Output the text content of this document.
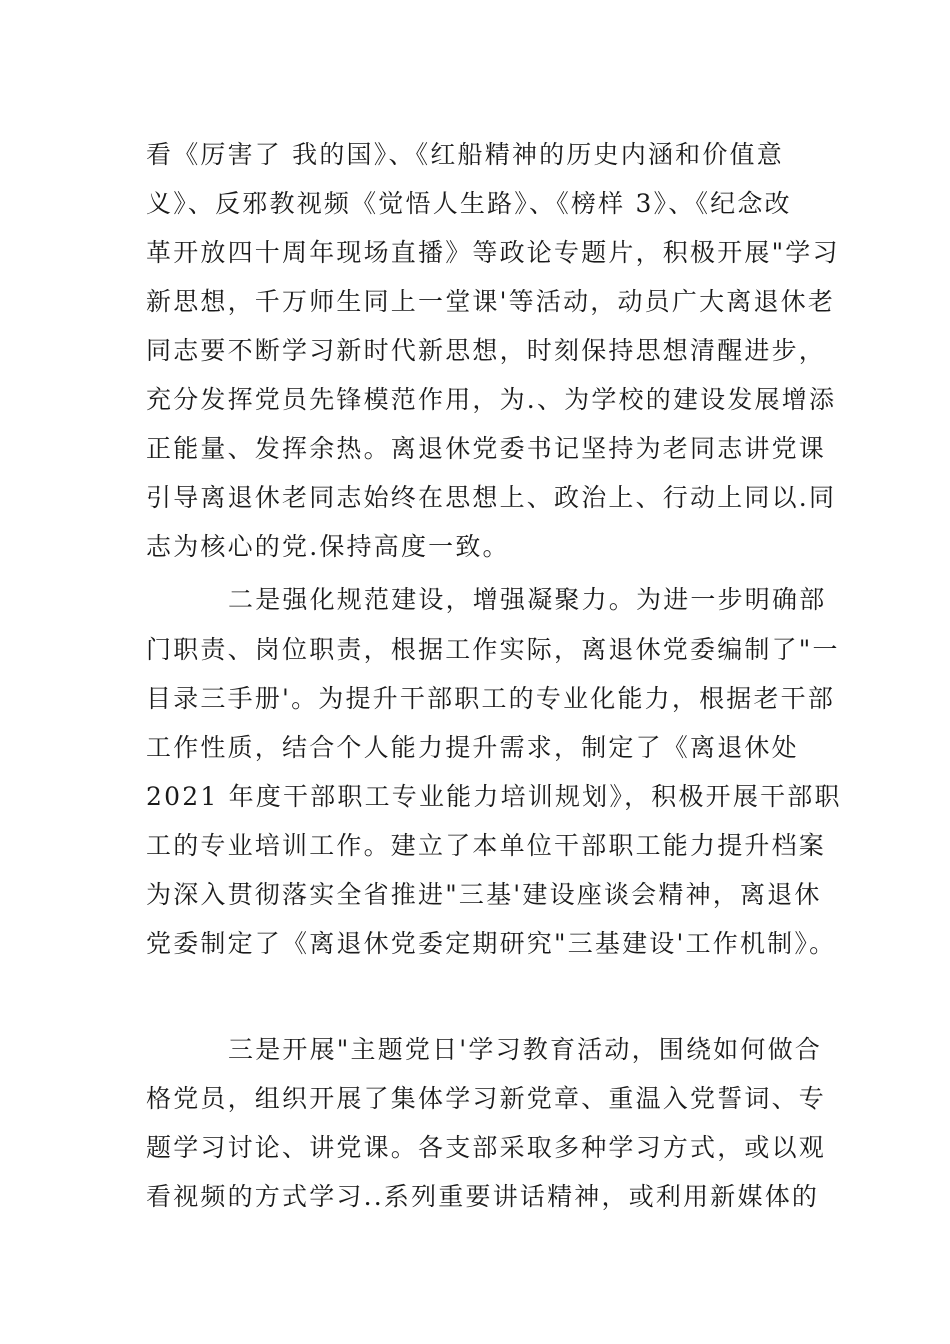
看《厉害了 我的国》、《红船精神的历史内涵和价值意
义》、反邪教视频《觉悟人生路》、《榜样 3》、《纪念改
革开放四十周年现场直播》等政论专题片，积极开展"学习
新思想，千万师生同上一堂课'等活动，动员广大离退休老
同志要不断学习新时代新思想，时刻保持思想清醒进步，
充分发挥党员先锋模范作用，为.、为学校的建设发展增添
正能量、发挥余热。离退休党委书记坚持为老同志讲党课
引导离退休老同志始终在思想上、政治上、行动上同以.同
志为核心的党.保持高度一致。
二是强化规范建设，增强凝聚力。为进一步明确部
门职责、岗位职责，根据工作实际，离退休党委编制了"一
目录三手册'。为提升干部职工的专业化能力，根据老干部
工作性质，结合个人能力提升需求，制定了《离退休处
2021 年度干部职工专业能力培训规划》，积极开展干部职
工的专业培训工作。建立了本单位干部职工能力提升档案
为深入贯彻落实全省推进"三基'建设座谈会精神，离退休
党委制定了《离退休党委定期研究"三基建设'工作机制》。
三是开展"主题党日'学习教育活动，围绕如何做合
格党员，组织开展了集体学习新党章、重温入党誓词、专
题学习讨论、讲党课。各支部采取多种学习方式，或以观
看视频的方式学习..系列重要讲话精神，或利用新媒体的
